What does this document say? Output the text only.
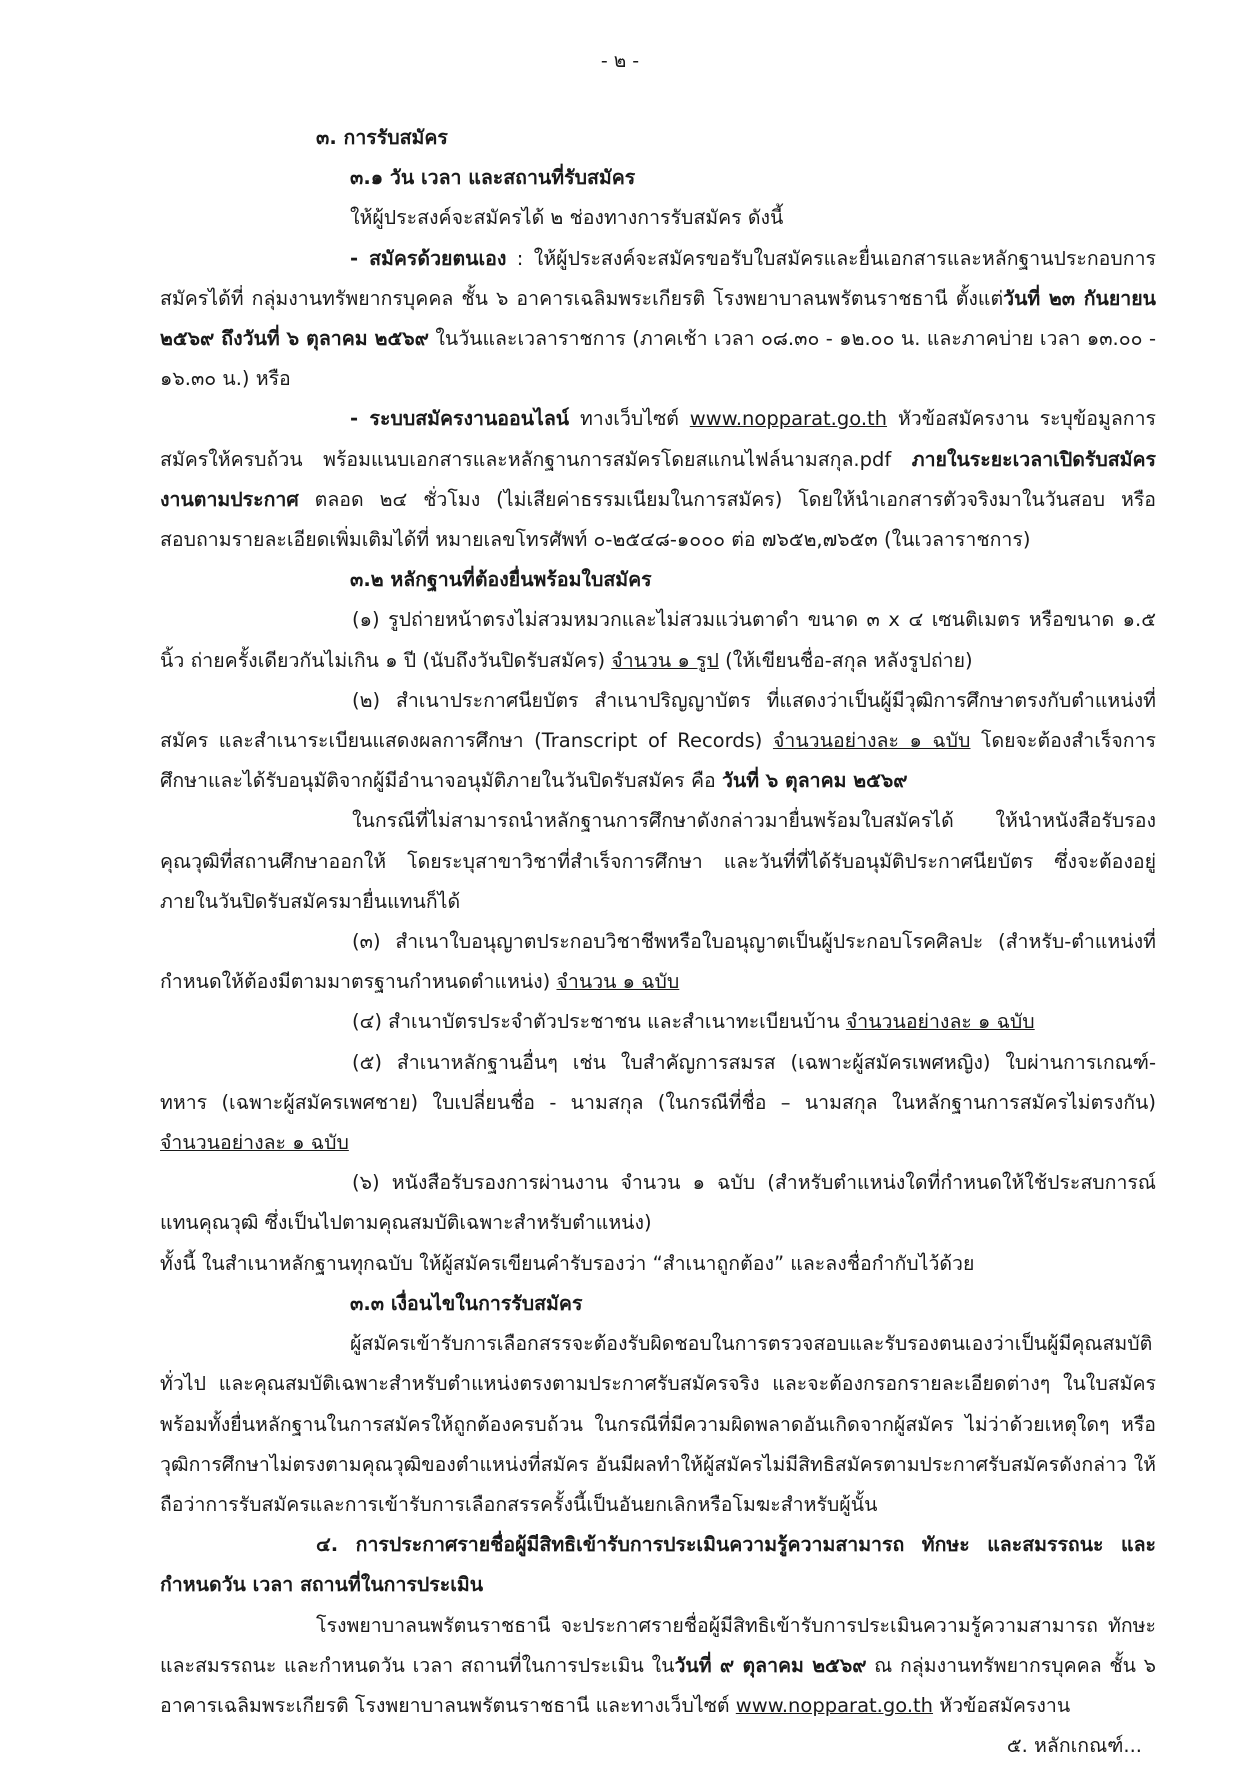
- ๒ -

๓. การรับสมัคร

๓.๑ วัน เวลา และสถานที่รับสมัคร

ให้ผู้ประสงค์จะสมัครได้ ๒ ช่องทางการรับสมัคร ดังนี้

- สมัครด้วยตนเอง : ให้ผู้ประสงค์จะสมัครขอรับใบสมัครและยื่นเอกสารและหลักฐานประกอบการสมัครได้ที่ กลุ่มงานทรัพยากรบุคคล ชั้น ๖ อาคารเฉลิมพระเกียรติ โรงพยาบาลนพรัตนราชธานี ตั้งแต่วันที่ ๒๓ กันยายน ๒๕๖๙ ถึงวันที่ ๖ ตุลาคม ๒๕๖๙ ในวันและเวลาราชการ (ภาคเช้า เวลา ๐๘.๓๐ - ๑๒.๐๐ น. และภาคบ่าย เวลา ๑๓.๐๐ - ๑๖.๓๐ น.) หรือ

- ระบบสมัครงานออนไลน์ ทางเว็บไซต์ www.nopparat.go.th หัวข้อสมัครงาน ระบุข้อมูลการสมัครให้ครบถ้วน พร้อมแนบเอกสารและหลักฐานการสมัครโดยสแกนไฟล์นามสกุล.pdf ภายในระยะเวลาเปิดรับสมัครงานตามประกาศ ตลอด ๒๔ ชั่วโมง (ไม่เสียค่าธรรมเนียมในการสมัคร) โดยให้นำเอกสารตัวจริงมาในวันสอบ หรือสอบถามรายละเอียดเพิ่มเติมได้ที่ หมายเลขโทรศัพท์ ๐-๒๕๔๘-๑๐๐๐ ต่อ ๗๖๕๒,๗๖๕๓ (ในเวลาราชการ)

๓.๒ หลักฐานที่ต้องยื่นพร้อมใบสมัคร

(๑) รูปถ่ายหน้าตรงไม่สวมหมวกและไม่สวมแว่นตาดำ ขนาด ๓ x ๔ เซนติเมตร หรือขนาด ๑.๕ นิ้ว ถ่ายครั้งเดียวกันไม่เกิน ๑ ปี (นับถึงวันปิดรับสมัคร) จำนวน ๑ รูป (ให้เขียนชื่อ-สกุล หลังรูปถ่าย)

(๒) สำเนาประกาศนียบัตร สำเนาปริญญาบัตร ที่แสดงว่าเป็นผู้มีวุฒิการศึกษาตรงกับตำแหน่งที่สมัคร และสำเนาระเบียนแสดงผลการศึกษา (Transcript of Records) จำนวนอย่างละ ๑ ฉบับ โดยจะต้องสำเร็จการศึกษาและได้รับอนุมัติจากผู้มีอำนาจอนุมัติภายในวันปิดรับสมัคร คือ วันที่ ๖ ตุลาคม ๒๕๖๙

ในกรณีที่ไม่สามารถนำหลักฐานการศึกษาดังกล่าวมายื่นพร้อมใบสมัครได้ ให้นำหนังสือรับรองคุณวุฒิที่สถานศึกษาออกให้ โดยระบุสาขาวิชาที่สำเร็จการศึกษา และวันที่ที่ได้รับอนุมัติประกาศนียบัตร ซึ่งจะต้องอยู่ภายในวันปิดรับสมัครมายื่นแทนก็ได้

(๓) สำเนาใบอนุญาตประกอบวิชาชีพหรือใบอนุญาตเป็นผู้ประกอบโรคศิลปะ (สำหรับ-ตำแหน่งที่กำหนดให้ต้องมีตามมาตรฐานกำหนดตำแหน่ง) จำนวน ๑ ฉบับ

(๔) สำเนาบัตรประจำตัวประชาชน และสำเนาทะเบียนบ้าน จำนวนอย่างละ ๑ ฉบับ

(๕) สำเนาหลักฐานอื่นๆ เช่น ใบสำคัญการสมรส (เฉพาะผู้สมัครเพศหญิง) ใบผ่านการเกณฑ์-ทหาร (เฉพาะผู้สมัครเพศชาย) ใบเปลี่ยนชื่อ - นามสกุล (ในกรณีที่ชื่อ – นามสกุล ในหลักฐานการสมัครไม่ตรงกัน) จำนวนอย่างละ ๑ ฉบับ

(๖) หนังสือรับรองการผ่านงาน จำนวน ๑ ฉบับ (สำหรับตำแหน่งใดที่กำหนดให้ใช้ประสบการณ์แทนคุณวุฒิ ซึ่งเป็นไปตามคุณสมบัติเฉพาะสำหรับตำแหน่ง)

ทั้งนี้ ในสำเนาหลักฐานทุกฉบับ ให้ผู้สมัครเขียนคำรับรองว่า “สำเนาถูกต้อง” และลงชื่อกำกับไว้ด้วย

๓.๓ เงื่อนไขในการรับสมัคร

ผู้สมัครเข้ารับการเลือกสรรจะต้องรับผิดชอบในการตรวจสอบและรับรองตนเองว่าเป็นผู้มีคุณสมบัติทั่วไป และคุณสมบัติเฉพาะสำหรับตำแหน่งตรงตามประกาศรับสมัครจริง และจะต้องกรอกรายละเอียดต่างๆ ในใบสมัคร พร้อมทั้งยื่นหลักฐานในการสมัครให้ถูกต้องครบถ้วน ในกรณีที่มีความผิดพลาดอันเกิดจากผู้สมัคร ไม่ว่าด้วยเหตุใดๆ หรือวุฒิการศึกษาไม่ตรงตามคุณวุฒิของตำแหน่งที่สมัคร อันมีผลทำให้ผู้สมัครไม่มีสิทธิสมัครตามประกาศรับสมัครดังกล่าว ให้ถือว่าการรับสมัครและการเข้ารับการเลือกสรรครั้งนี้เป็นอันยกเลิกหรือโมฆะสำหรับผู้นั้น

๔. การประกาศรายชื่อผู้มีสิทธิเข้ารับการประเมินความรู้ความสามารถ ทักษะ และสมรรถนะ และกำหนดวัน เวลา สถานที่ในการประเมิน

โรงพยาบาลนพรัตนราชธานี จะประกาศรายชื่อผู้มีสิทธิเข้ารับการประเมินความรู้ความสามารถ ทักษะและสมรรถนะ และกำหนดวัน เวลา สถานที่ในการประเมิน ในวันที่ ๙ ตุลาคม ๒๕๖๙ ณ กลุ่มงานทรัพยากรบุคคล ชั้น ๖ อาคารเฉลิมพระเกียรติ โรงพยาบาลนพรัตนราชธานี และทางเว็บไซต์ www.nopparat.go.th หัวข้อสมัครงาน

๕. หลักเกณฑ์...
